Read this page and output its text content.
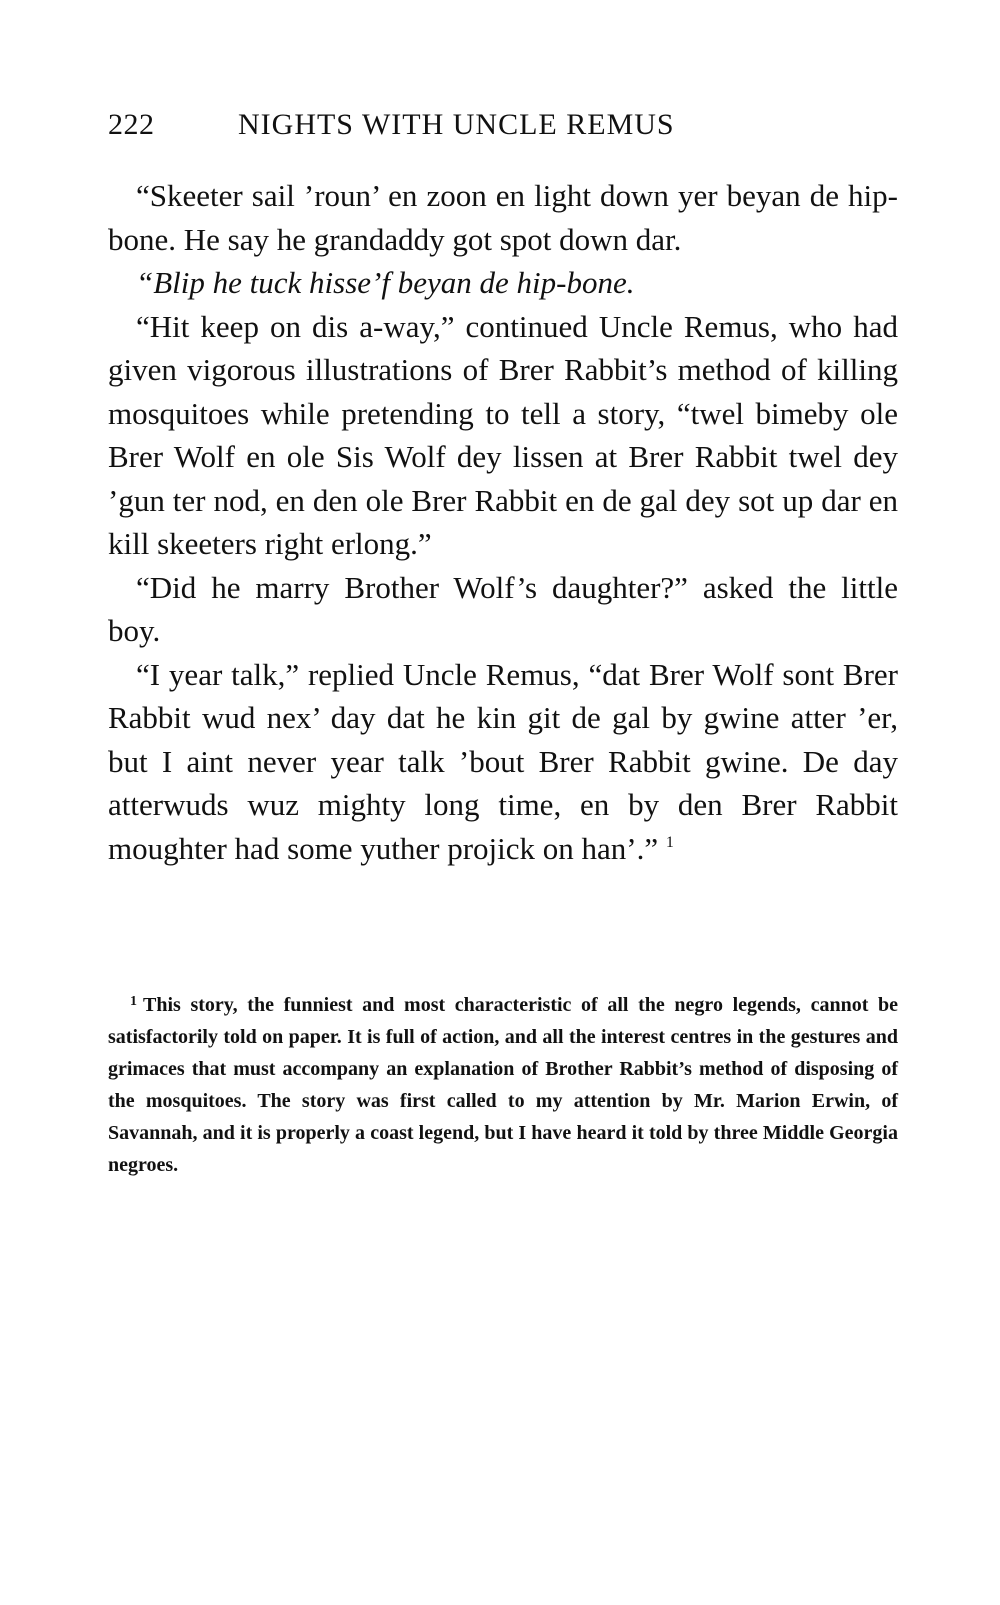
222	NIGHTS WITH UNCLE REMUS

“Skeeter sail ’roun’ en zoon en light down yer beyan de hip-bone. He say he grandaddy got spot down dar.

“Blip he tuck hisse’f beyan de hip-bone.

“Hit keep on dis a-way,” continued Uncle Remus, who had given vigorous illustrations of Brer Rabbit’s method of killing mosquitoes while pretending to tell a story, “twel bimeby ole Brer Wolf en ole Sis Wolf dey lissen at Brer Rabbit twel dey ’gun ter nod, en den ole Brer Rabbit en de gal dey sot up dar en kill skeeters right erlong.”

“Did he marry Brother Wolf’s daughter?” asked the little boy.

“I year talk,” replied Uncle Remus, “dat Brer Wolf sont Brer Rabbit wud nex’ day dat he kin git de gal by gwine atter ’er, but I aint never year talk ’bout Brer Rabbit gwine. De day atterwuds wuz mighty long time, en by den Brer Rabbit moughter had some yuther projick on han’.” $^1$

$^1$ This story, the funniest and most characteristic of all the negro legends, cannot be satisfactorily told on paper. It is full of action, and all the interest centres in the gestures and grimaces that must accompany an explanation of Brother Rabbit’s method of disposing of the mosquitoes. The story was first called to my attention by Mr. Marion Erwin, of Savannah, and it is properly a coast legend, but I have heard it told by three Middle Georgia negroes.
